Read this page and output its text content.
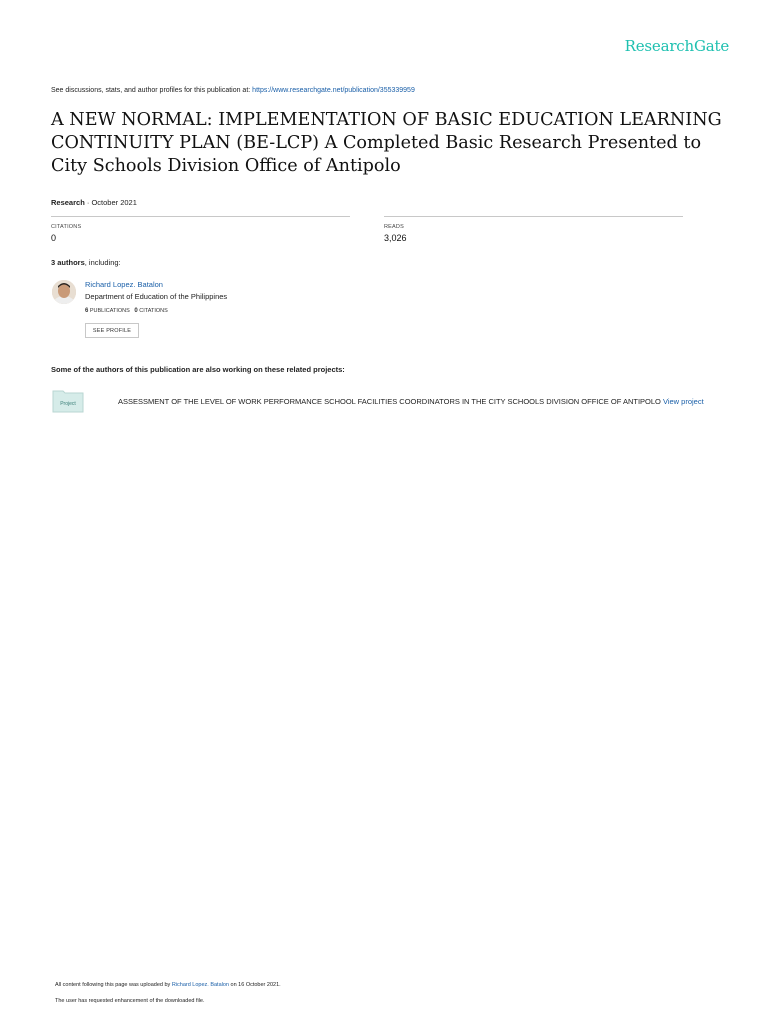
ResearchGate
See discussions, stats, and author profiles for this publication at: https://www.researchgate.net/publication/355339959
A NEW NORMAL: IMPLEMENTATION OF BASIC EDUCATION LEARNING CONTINUITY PLAN (BE-LCP) A Completed Basic Research Presented to City Schools Division Office of Antipolo
Research · October 2021
CITATIONS
0
READS
3,026
3 authors, including:
Richard Lopez. Batalon
Department of Education of the Philippines
6 PUBLICATIONS 0 CITATIONS
SEE PROFILE
Some of the authors of this publication are also working on these related projects:
Project	ASSESSMENT OF THE LEVEL OF WORK PERFORMANCE SCHOOL FACILITIES COORDINATORS IN THE CITY SCHOOLS DIVISION OFFICE OF ANTIPOLO View project
All content following this page was uploaded by Richard Lopez. Batalon on 16 October 2021.
The user has requested enhancement of the downloaded file.
